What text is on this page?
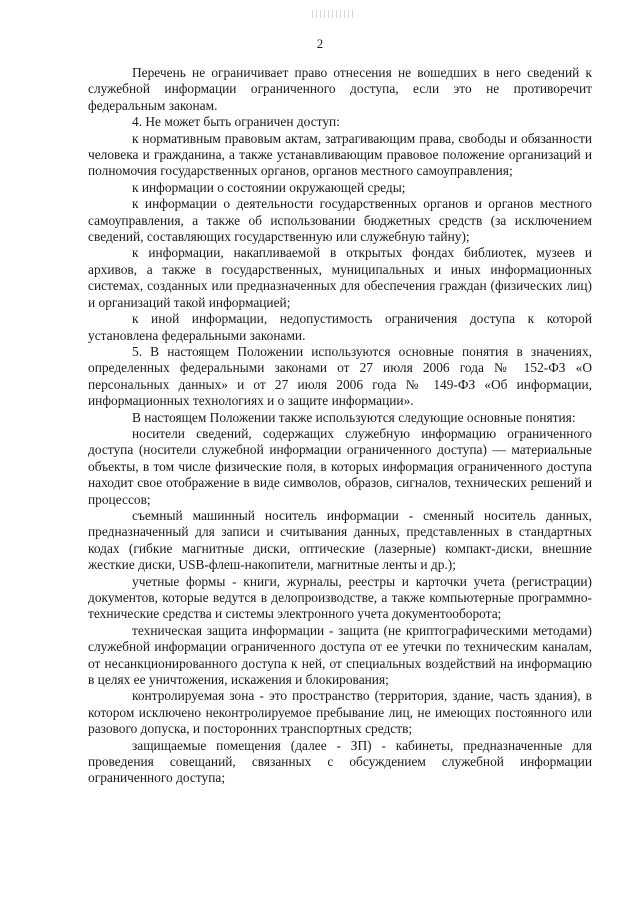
2

Перечень не ограничивает право отнесения не вошедших в него сведений к служебной информации ограниченного доступа, если это не противоречит федеральным законам.

4. Не может быть ограничен доступ:

к нормативным правовым актам, затрагивающим права, свободы и обязанности человека и гражданина, а также устанавливающим правовое положение организаций и полномочия государственных органов, органов местного самоуправления;

к информации о состоянии окружающей среды;

к информации о деятельности государственных органов и органов местного самоуправления, а также об использовании бюджетных средств (за исключением сведений, составляющих государственную или служебную тайну);

к информации, накапливаемой в открытых фондах библиотек, музеев и архивов, а также в государственных, муниципальных и иных информационных системах, созданных или предназначенных для обеспечения граждан (физических лиц) и организаций такой информацией;

к иной информации, недопустимость ограничения доступа к которой установлена федеральными законами.

5. В настоящем Положении используются основные понятия в значениях, определенных федеральными законами от 27 июля 2006 года № 152-ФЗ «О персональных данных» и от 27 июля 2006 года № 149-ФЗ «Об информации, информационных технологиях и о защите информации».

В настоящем Положении также используются следующие основные понятия:

носители сведений, содержащих служебную информацию ограниченного доступа (носители служебной информации ограниченного доступа) — материальные объекты, в том числе физические поля, в которых информация ограниченного доступа находит свое отображение в виде символов, образов, сигналов, технических решений и процессов;

съемный машинный носитель информации - сменный носитель данных, предназначенный для записи и считывания данных, представленных в стандартных кодах (гибкие магнитные диски, оптические (лазерные) компакт-диски, внешние жесткие диски, USB-флеш-накопители, магнитные ленты и др.);

учетные формы - книги, журналы, реестры и карточки учета (регистрации) документов, которые ведутся в делопроизводстве, а также компьютерные программно-технические средства и системы электронного учета документооборота;

техническая защита информации - защита (не криптографическими методами) служебной информации ограниченного доступа от ее утечки по техническим каналам, от несанкционированного доступа к ней, от специальных воздействий на информацию в целях ее уничтожения, искажения и блокирования;

контролируемая зона - это пространство (территория, здание, часть здания), в котором исключено неконтролируемое пребывание лиц, не имеющих постоянного или разового допуска, и посторонних транспортных средств;

защищаемые помещения (далее - ЗП) - кабинеты, предназначенные для проведения совещаний, связанных с обсуждением служебной информации ограниченного доступа;
